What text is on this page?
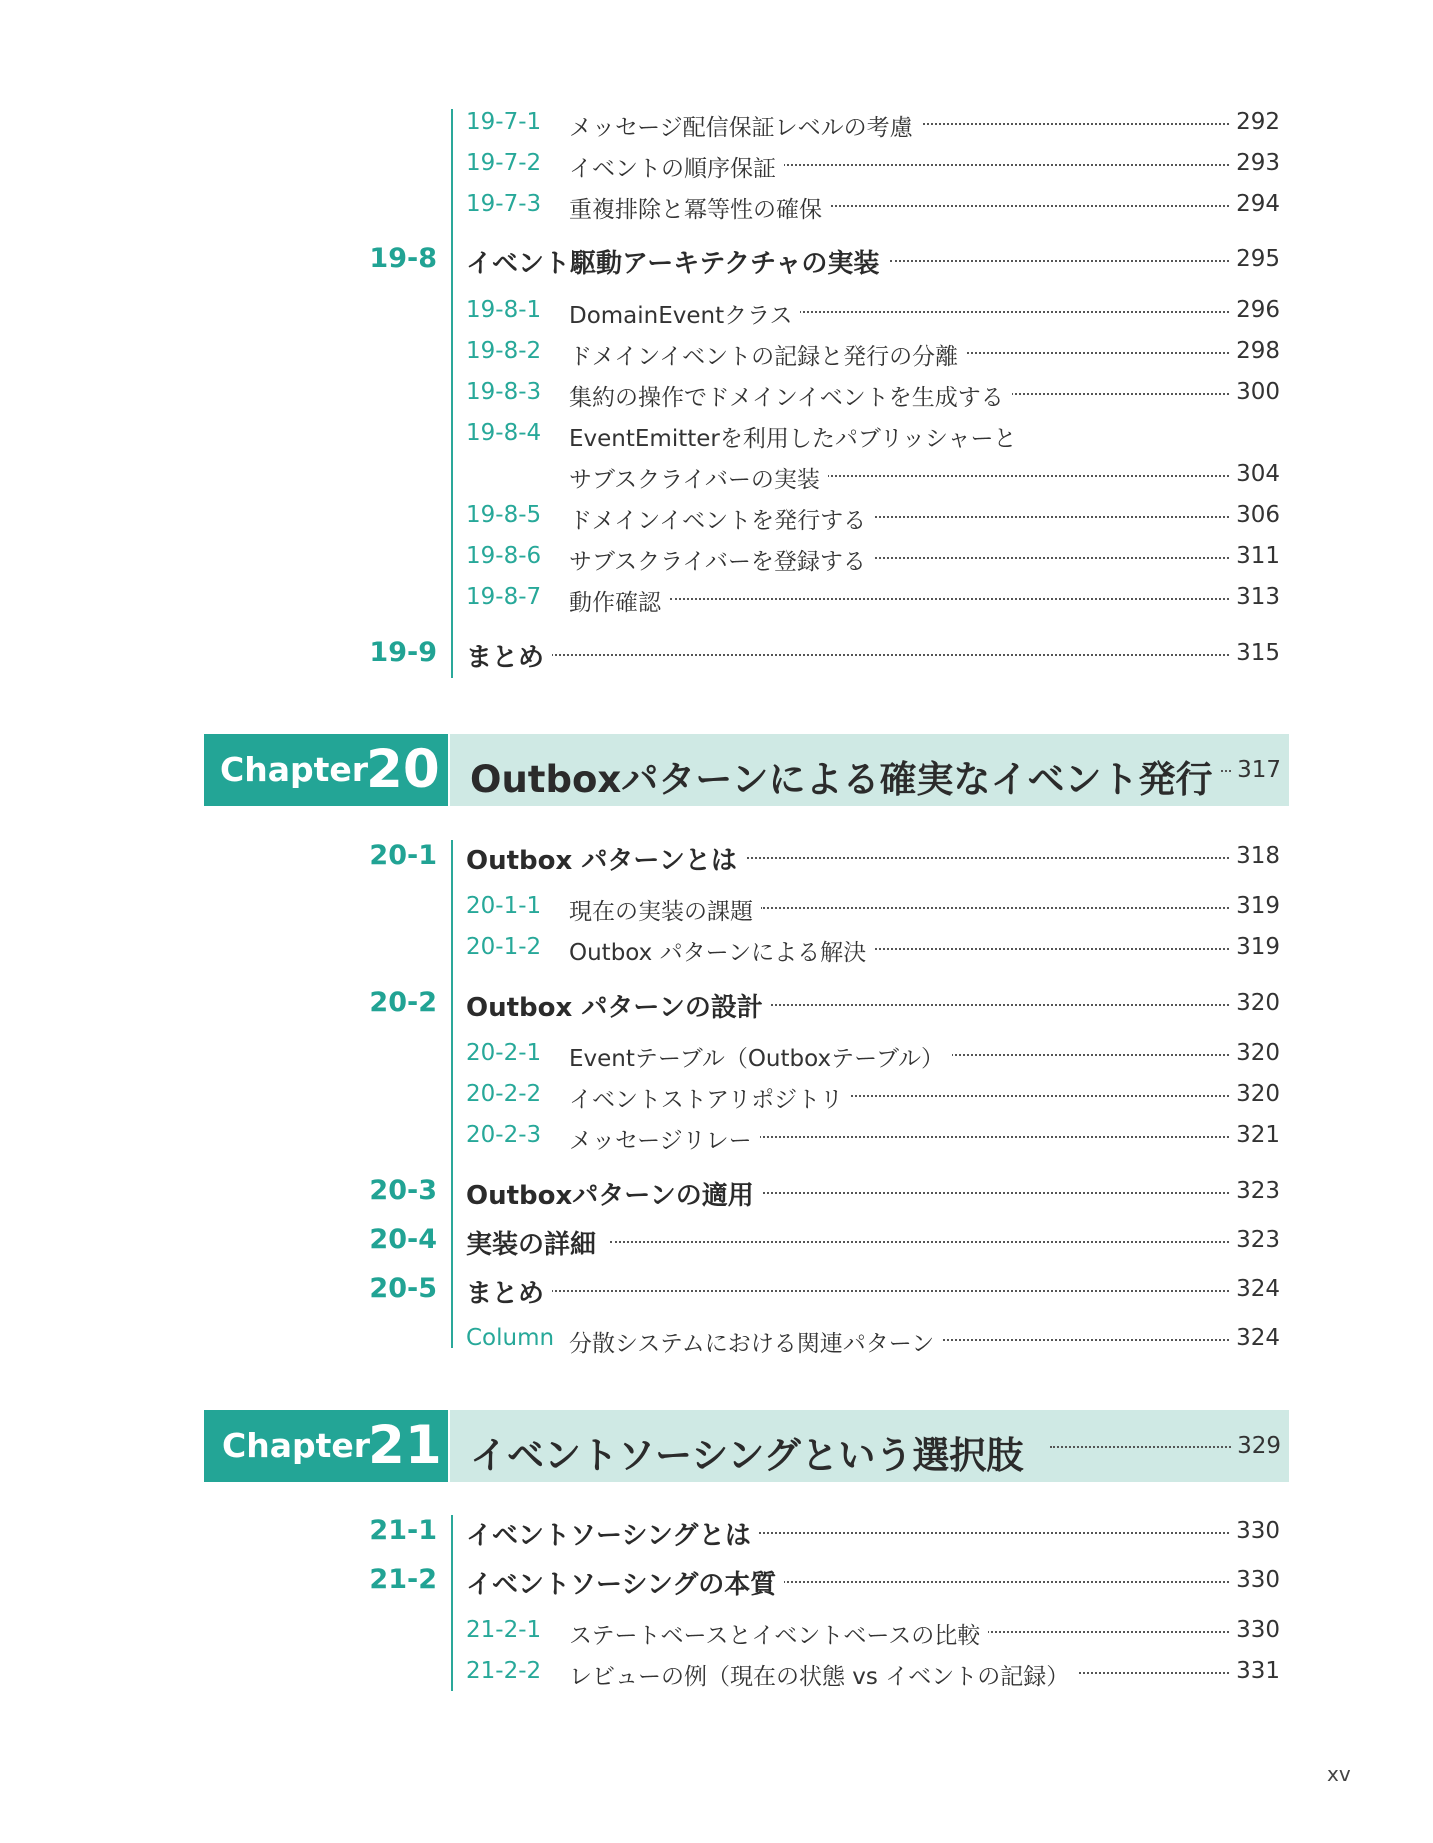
19-7-1 メッセージ配信保証レベルの考慮	292
19-7-2 イベントの順序保証	293
19-7-3 重複排除と冪等性の確保	294
19-8 イベント駆動アーキテクチャの実装	295
19-8-1 DomainEventクラス	296
19-8-2 ドメインイベントの記録と発行の分離	298
19-8-3 集約の操作でドメインイベントを生成する	300
19-8-4 EventEmitterを利用したパブリッシャーと
サブスクライバーの実装	304
19-8-5 ドメインイベントを発行する	306
19-8-6 サブスクライバーを登録する	311
19-8-7 動作確認	313
19-9 まとめ	315
Chapter
20 Outboxパターンによる確実なイベント発行	317
20-1 Outbox パターンとは	318
20-1-1 現在の実装の課題	319
20-1-2 Outbox パターンによる解決	319
20-2 Outbox パターンの設計	320
20-2-1 Eventテーブル（Outboxテーブル）	320
20-2-2 イベントストアリポジトリ	320
20-2-3 メッセージリレー	321
20-3 Outboxパターンの適用	323
20-4 実装の詳細	323
20-5 まとめ	324
Column 分散システムにおける関連パターン	324
Chapter
21 イベントソーシングという選択肢	329
21-1 イベントソーシングとは	330
21-2 イベントソーシングの本質	330
21-2-1 ステートベースとイベントベースの比較	330
21-2-2 レビューの例（現在の状態 vs イベントの記録）	331
xv
